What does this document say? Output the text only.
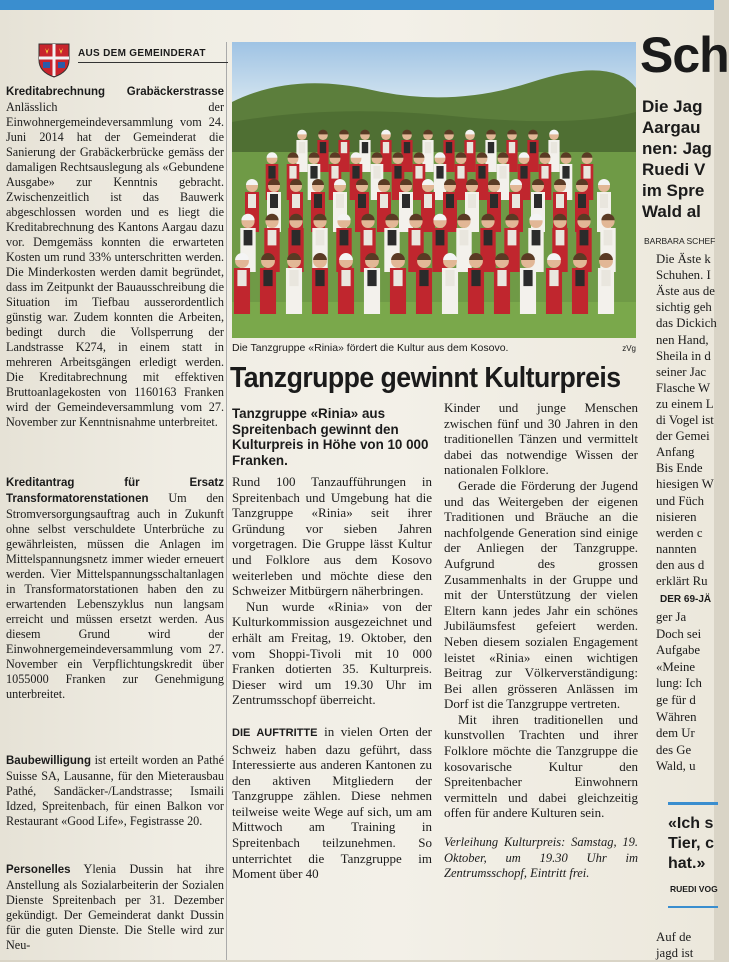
AUS DEM GEMEINDERAT

Kreditabrechnung Grabäckerstrasse Anlässlich der Einwohnergemeindeversammlung vom 24. Juni 2014 hat der Gemeinderat die Sanierung der Grabäckerbrücke gemäss der damaligen Rechtsauslegung als «Gebundene Ausgabe» zur Kenntnis gebracht. Zwischenzeitlich ist das Bauwerk abgeschlossen worden und es liegt die Kreditabrechnung des Kantons Aargau dazu vor. Demgemäss konnten die erwarteten Kosten um rund 33% unterschritten werden. Die Minderkosten werden damit begründet, dass im Zeitpunkt der Bauausschreibung die Situation im Tiefbau ausserordentlich günstig war. Zudem konnten die Arbeiten, bedingt durch die Vollsperrung der Landstrasse K274, in einem statt in mehreren Arbeitsgängen erledigt werden. Die Kreditabrechnung mit effektiven Bruttoanlagekosten von 1160163 Franken wird der Gemeindeversammlung vom 27. November zur Kenntnisnahme unterbreitet.

Kreditantrag für Ersatz Transformatorenstationen Um den Stromversorgungsauftrag auch in Zukunft ohne selbst verschuldete Unterbrüche zu gewährleisten, müssen die Anlagen im Mittelspannungsnetz immer wieder erneuert werden. Vier Mittelspannungsschaltanlagen in Transformatorstationen haben den zu erwartenden Lebenszyklus nun langsam erreicht und müssen ersetzt werden. Aus diesem Grund wird der Einwohnergemeindeversammlung vom 27. November ein Verpflichtungskredit über 1055000 Franken zur Genehmigung unterbreitet.

Baubewilligung ist erteilt worden an Pathé Suisse SA, Lausanne, für den Mieterausbau Pathé, Sandäcker-/Landstrasse; Ismaili Idzed, Spreitenbach, für einen Balkon vor Restaurant «Good Life», Fegistrasse 20.

Personelles Ylenia Dussin hat ihre Anstellung als Sozialarbeiterin der Sozialen Dienste Spreitenbach per 31. Dezember gekündigt. Der Gemeinderat dankt Dussin für die guten Dienste. Die Stelle wird zur Neu-

Die Tanzgruppe «Rinia» fördert die Kultur aus dem Kosovo.	zVg
Tanzgruppe gewinnt Kulturpreis
Tanzgruppe «Rinia» aus Spreitenbach gewinnt den Kulturpreis in Höhe von 10 000 Franken.

Rund 100 Tanzaufführungen in Spreitenbach und Umgebung hat die Tanzgruppe «Rinia» seit ihrer Gründung vor sieben Jahren vorgetragen. Die Gruppe lässt Kultur und Folklore aus dem Kosovo weiterleben und möchte diese den Schweizer Mitbürgern näherbringen.

Nun wurde «Rinia» von der Kulturkommission ausgezeichnet und erhält am Freitag, 19. Oktober, den vom Shoppi-Tivoli mit 10 000 Franken dotierten 35. Kulturpreis. Dieser wird um 19.30 Uhr im Zentrumsschopf überreicht.

DIE AUFTRITTE in vielen Orten der Schweiz haben dazu geführt, dass Interessierte aus anderen Kantonen zu den aktiven Mitgliedern der Tanzgruppe zählen. Diese nehmen teilweise weite Wege auf sich, um am Mittwoch am Training in Spreitenbach teilzunehmen. So unterrichtet die Tanzgruppe im Moment über 40

Kinder und junge Menschen zwischen fünf und 30 Jahren in den traditionellen Tänzen und vermittelt dabei das notwendige Wissen der nationalen Folklore.

Gerade die Förderung der Jugend und das Weitergeben der eigenen Traditionen und Bräuche an die nachfolgende Generation sind einige der Anliegen der Tanzgruppe. Aufgrund des grossen Zusammenhalts in der Gruppe und mit der Unterstützung der vielen Eltern kann jedes Jahr ein schönes Jubiläumsfest gefeiert werden. Neben diesem sozialen Engagement leistet «Rinia» einen wichtigen Beitrag zur Völkerverständigung: Bei allen grösseren Anlässen im Dorf ist die Tanzgruppe vertreten.

Mit ihren traditionellen und kunstvollen Trachten und ihrer Folklore möchte die Tanzgruppe die kosovarische Kultur den Spreitenbacher Einwohnern vermitteln und dabei gleichzeitig offen für andere Kulturen sein.

Verleihung Kulturpreis: Samstag, 19. Oktober, um 19.30 Uhr im Zentrumsschopf, Eintritt frei.

Sch
Die Jag
Aargau
nen: Jag
Ruedi V
im Spre
Wald al
BARBARA SCHEF
Die Äste k
Schuhen. I
Äste aus de
sichtig geh
das Dickich
nen Hand,
Sheila in d
seiner Jac
Flasche W
zu einem L
di Vogel ist
der Gemei
Anfang
Bis Ende
hiesigen W
und Füch
nisieren
werden c
nannten
den aus d
erklärt Ru
DER 69-JÄ
ger Ja
Doch sei
Aufgabe
«Meine
lung: Ich
ge für d
Währen
dem Ur
des Ge
Wald, u
«Ich s
Tier, c
hat.»
RUEDI VOG
Auf de
jagd ist
